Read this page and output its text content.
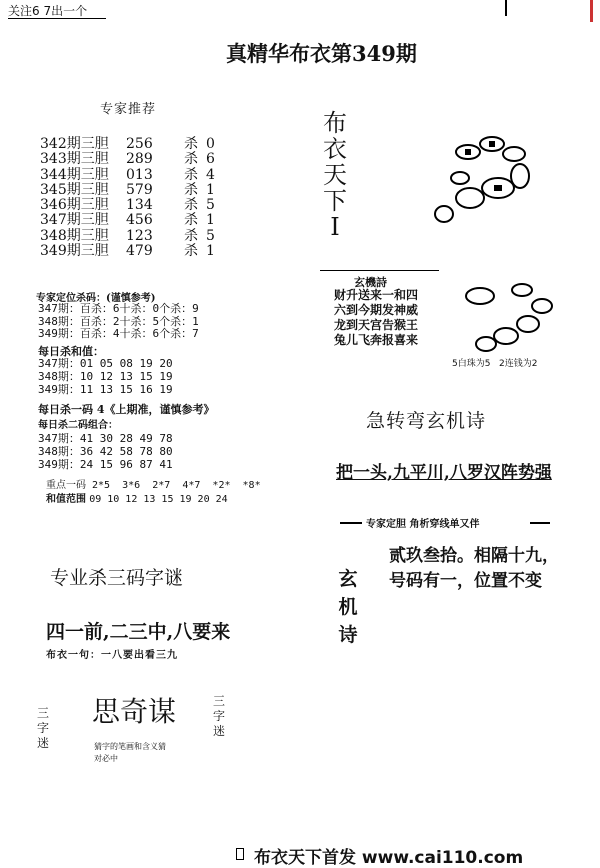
关注6 7出一个
真精华布衣第349期
专家推荐
342期三胆 256 杀 0
343期三胆 289 杀 6
344期三胆 013 杀 4
345期三胆 579 杀 1
346期三胆 134 杀 5
347期三胆 456 杀 1
348期三胆 123 杀 5
349期三胆 479 杀 1
专家定位杀码：(谨慎参考)
347期：百杀：6十杀：0个杀：9
348期：百杀：2十杀：5个杀：1
349期：百杀：4十杀：6个杀：7
每日杀和值：
347期：01 05 08 19 20
348期：10 12 13 15 19
349期：11 13 15 16 19
每日杀一码 4《上期准，谨慎参考》
每日杀二码组合：
347期：41 30 28 49 78
348期：36 42 58 78 80
349期：24 15 96 87 41
重点一码 2*5  3*6  2*7  4*7  *2*  *8*
和值范围 09 10 12 13 15 19 20 24
专业杀三码字谜
四一前,二三中,八要来
布衣一句：一八要出看三九
三字迷
思奇谋
猜字的笔画和含义猜
对必中
三字迷
布
衣
天
下
I
玄機詩
财升送来一和四
六到今期发神威
龙到天宫告猴王
兔儿飞奔报喜来
5白珠为5 2连钱为2
急转弯玄机诗
把一头,九平川,八罗汉阵势强
专家定胆 角析穿线单又伴
玄
机
诗
贰玖叁拾。相隔十九，
号码有一，位置不变
布衣天下首发 www.cai110.com
